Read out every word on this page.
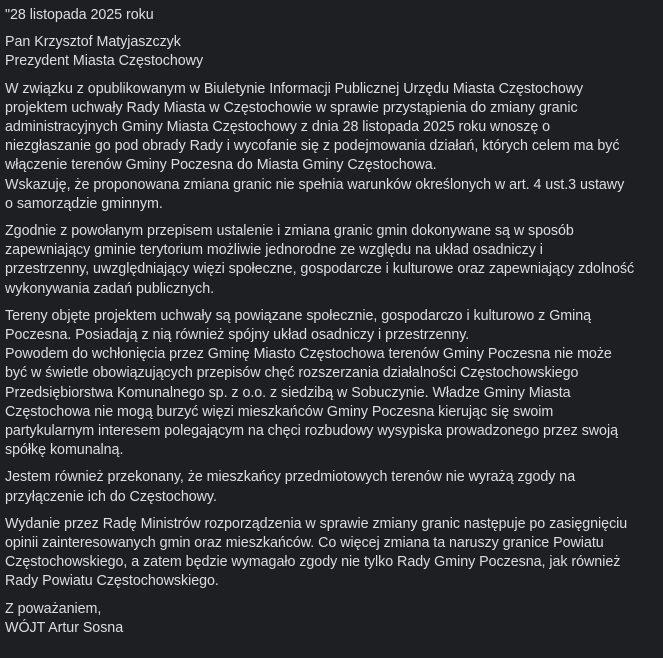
"28 listopada 2025 roku
Pan Krzysztof Matyjaszczyk
Prezydent Miasta Częstochowy
W związku z opublikowanym w Biuletynie Informacji Publicznej Urzędu Miasta Częstochowy
projektem uchwały Rady Miasta w Częstochowie w sprawie przystąpienia do zmiany granic
administracyjnych Gminy Miasta Częstochowy z dnia 28 listopada 2025 roku wnoszę o
niezgłaszanie go pod obrady Rady i wycofanie się z podejmowania działań, których celem ma być
włączenie terenów Gminy Poczesna do Miasta Gminy Częstochowa.
Wskazuję, że proponowana zmiana granic nie spełnia warunków określonych w art. 4 ust.3 ustawy
o samorządzie gminnym.
Zgodnie z powołanym przepisem ustalenie i zmiana granic gmin dokonywane są w sposób
zapewniający gminie terytorium możliwie jednorodne ze względu na układ osadniczy i
przestrzenny, uwzględniający więzi społeczne, gospodarcze i kulturowe oraz zapewniający zdolność
wykonywania zadań publicznych.
Tereny objęte projektem uchwały są powiązane społecznie, gospodarczo i kulturowo z Gminą
Poczesna. Posiadają z nią również spójny układ osadniczy i przestrzenny.
Powodem do wchłonięcia przez Gminę Miasto Częstochowa terenów Gminy Poczesna nie może
być w świetle obowiązujących przepisów chęć rozszerzania działalności Częstochowskiego
Przedsiębiorstwa Komunalnego sp. z o.o. z siedzibą w Sobuczynie. Władze Gminy Miasta
Częstochowa nie mogą burzyć więzi mieszkańców Gminy Poczesna kierując się swoim
partykularnym interesem polegającym na chęci rozbudowy wysypiska prowadzonego przez swoją
spółkę komunalną.
Jestem również przekonany, że mieszkańcy przedmiotowych terenów nie wyrażą zgody na
przyłączenie ich do Częstochowy.
Wydanie przez Radę Ministrów rozporządzenia w sprawie zmiany granic następuje po zasięgnięciu
opinii zainteresowanych gmin oraz mieszkańców. Co więcej zmiana ta naruszy granice Powiatu
Częstochowskiego, a zatem będzie wymagało zgody nie tylko Rady Gminy Poczesna, jak również
Rady Powiatu Częstochowskiego.
Z poważaniem,
WÓJT Artur Sosna
